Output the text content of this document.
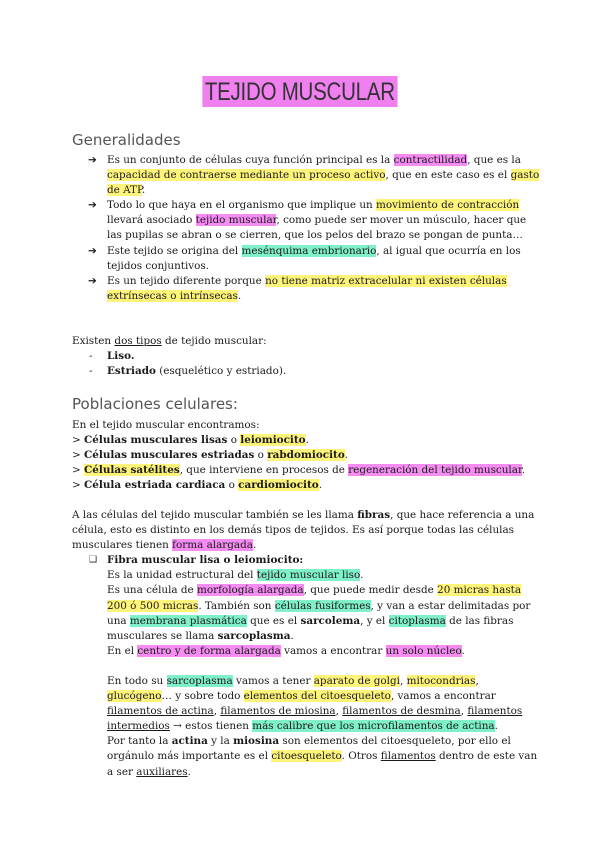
TEJIDO MUSCULAR
Generalidades
➔ Es un conjunto de células cuya función principal es la contractilidad, que es la capacidad de contraerse mediante un proceso activo, que en este caso es el gasto de ATP.
➔ Todo lo que haya en el organismo que implique un movimiento de contracción llevará asociado tejido muscular, como puede ser mover un músculo, hacer que las pupilas se abran o se cierren, que los pelos del brazo se pongan de punta…
➔ Este tejido se origina del mesénquima embrionario, al igual que ocurría en los tejidos conjuntivos.
➔ Es un tejido diferente porque no tiene matriz extracelular ni existen células extrínsecas o intrínsecas.
Existen dos tipos de tejido muscular:
- Liso.
- Estriado (esquelético y estriado).
Poblaciones celulares:
En el tejido muscular encontramos:
> Células musculares lisas o leiomiocito.
> Células musculares estriadas o rabdomiocito.
> Células satélites, que interviene en procesos de regeneración del tejido muscular.
> Célula estriada cardiaca o cardiomiocito.
A las células del tejido muscular también se les llama fibras, que hace referencia a una célula, esto es distinto en los demás tipos de tejidos. Es así porque todas las células musculares tienen forma alargada.
❑ Fibra muscular lisa o leiomiocito:
Es la unidad estructural del tejido muscular liso.
Es una célula de morfología alargada, que puede medir desde 20 micras hasta 200 ó 500 micras. También son células fusiformes, y van a estar delimitadas por una membrana plasmática que es el sarcolema, y el citoplasma de las fibras musculares se llama sarcoplasma.
En el centro y de forma alargada vamos a encontrar un solo núcleo.
En todo su sarcoplasma vamos a tener aparato de golgi, mitocondrias, glucógeno… y sobre todo elementos del citoesqueleto, vamos a encontrar filamentos de actina, filamentos de miosina, filamentos de desmina, filamentos intermedios → estos tienen más calibre que los microfilamentos de actina.
Por tanto la actina y la miosina son elementos del citoesqueleto, por ello el orgánulo más importante es el citoesqueleto. Otros filamentos dentro de este van a ser auxiliares.
